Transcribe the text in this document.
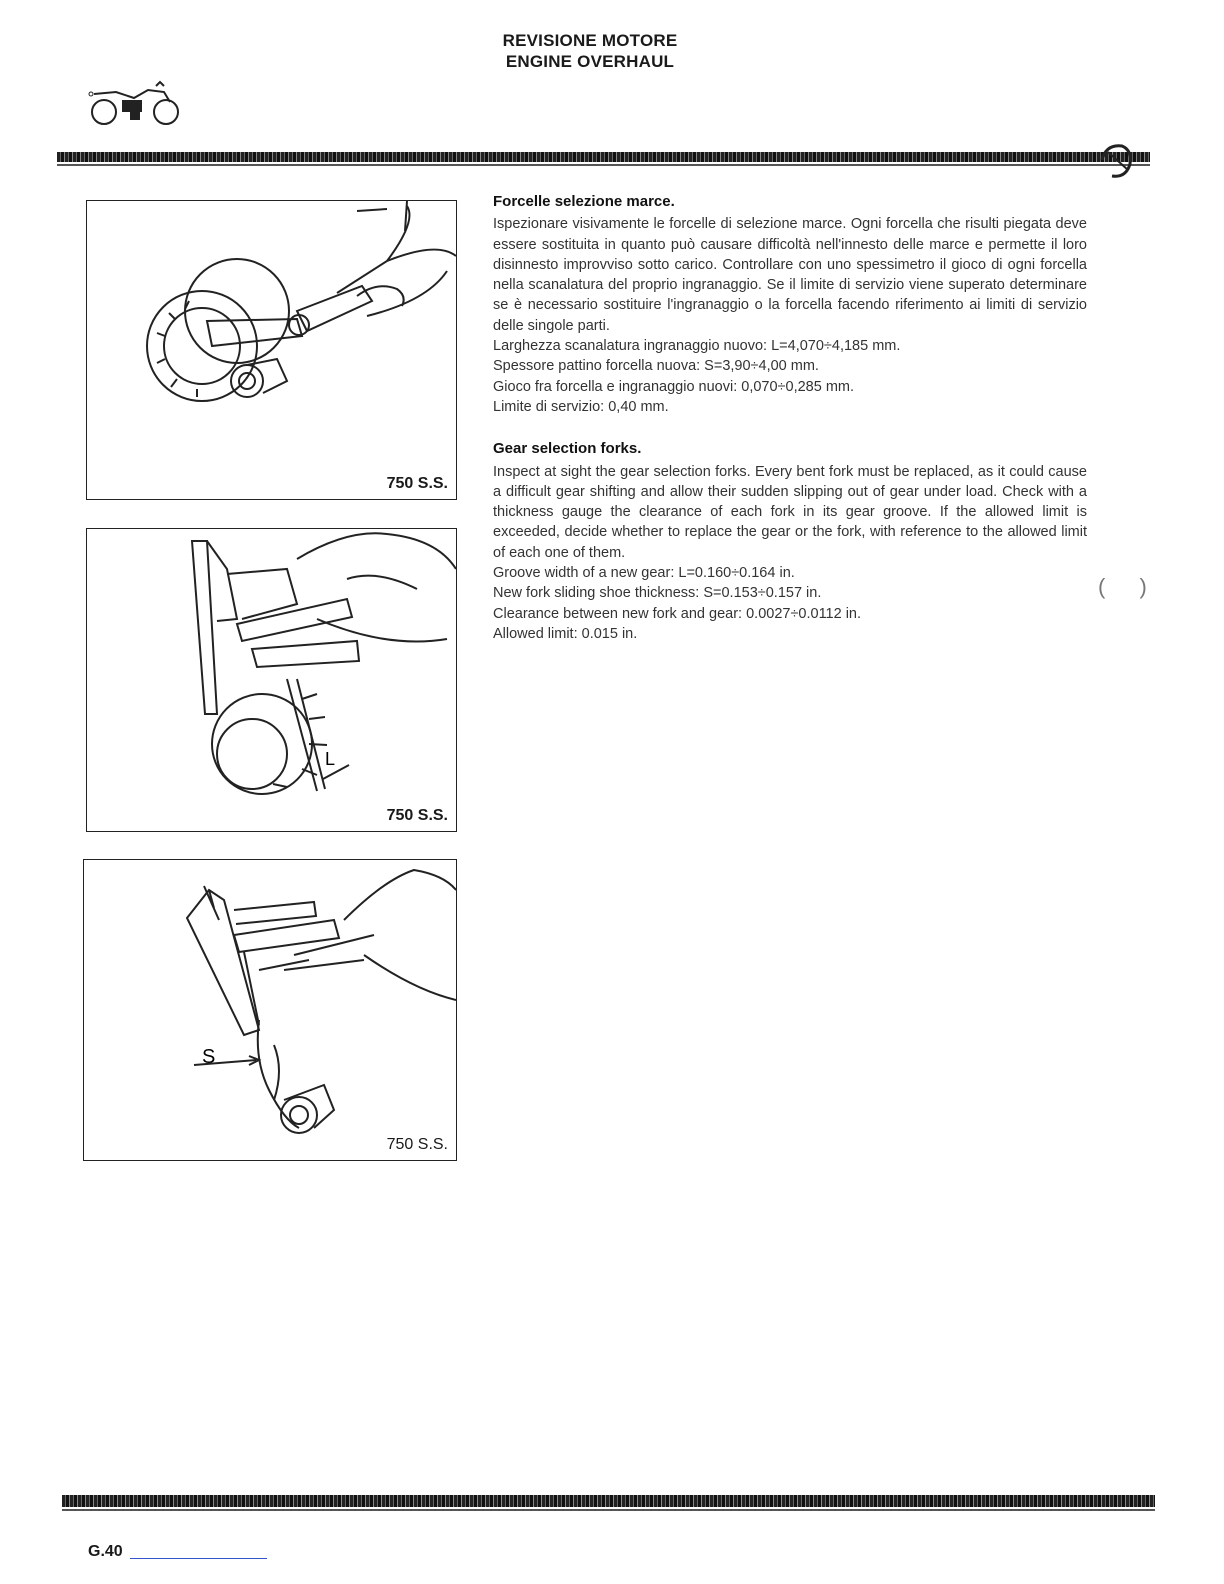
REVISIONE MOTORE
ENGINE OVERHAUL
750 S.S.
L
750 S.S.
S
750 S.S.
Forcelle selezione marce.

Ispezionare visivamente le forcelle di selezione marce. Ogni forcella che risulti piegata deve essere sostituita in quanto può causare difficoltà nell'innesto delle marce e permette il loro disinnesto improvviso sotto carico. Controllare con uno spessimetro il gioco di ogni forcella nella scanalatura del proprio ingranaggio. Se il limite di servizio viene superato determinare se è necessario sostituire l'ingranaggio o la forcella facendo riferimento ai limiti di servizio delle singole parti.

Larghezza scanalatura ingranaggio nuovo: L=4,070÷4,185 mm.
Spessore pattino forcella nuova: S=3,90÷4,00 mm.
Gioco fra forcella e ingranaggio nuovi: 0,070÷0,285 mm.
Limite di servizio: 0,40 mm.
Gear selection forks.

Inspect at sight the gear selection forks. Every bent fork must be replaced, as it could cause a difficult gear shifting and allow their sudden slipping out of gear under load. Check with a thickness gauge the clearance of each fork in its gear groove. If the allowed limit is exceeded, decide whether to replace the gear or the fork, with reference to the allowed limit of each one of them.

Groove width of a new gear: L=0.160÷0.164 in.
New fork sliding shoe thickness: S=0.153÷0.157 in.
Clearance between new fork and gear: 0.0027÷0.0112 in.
Allowed limit: 0.015 in.
( )
G.40
